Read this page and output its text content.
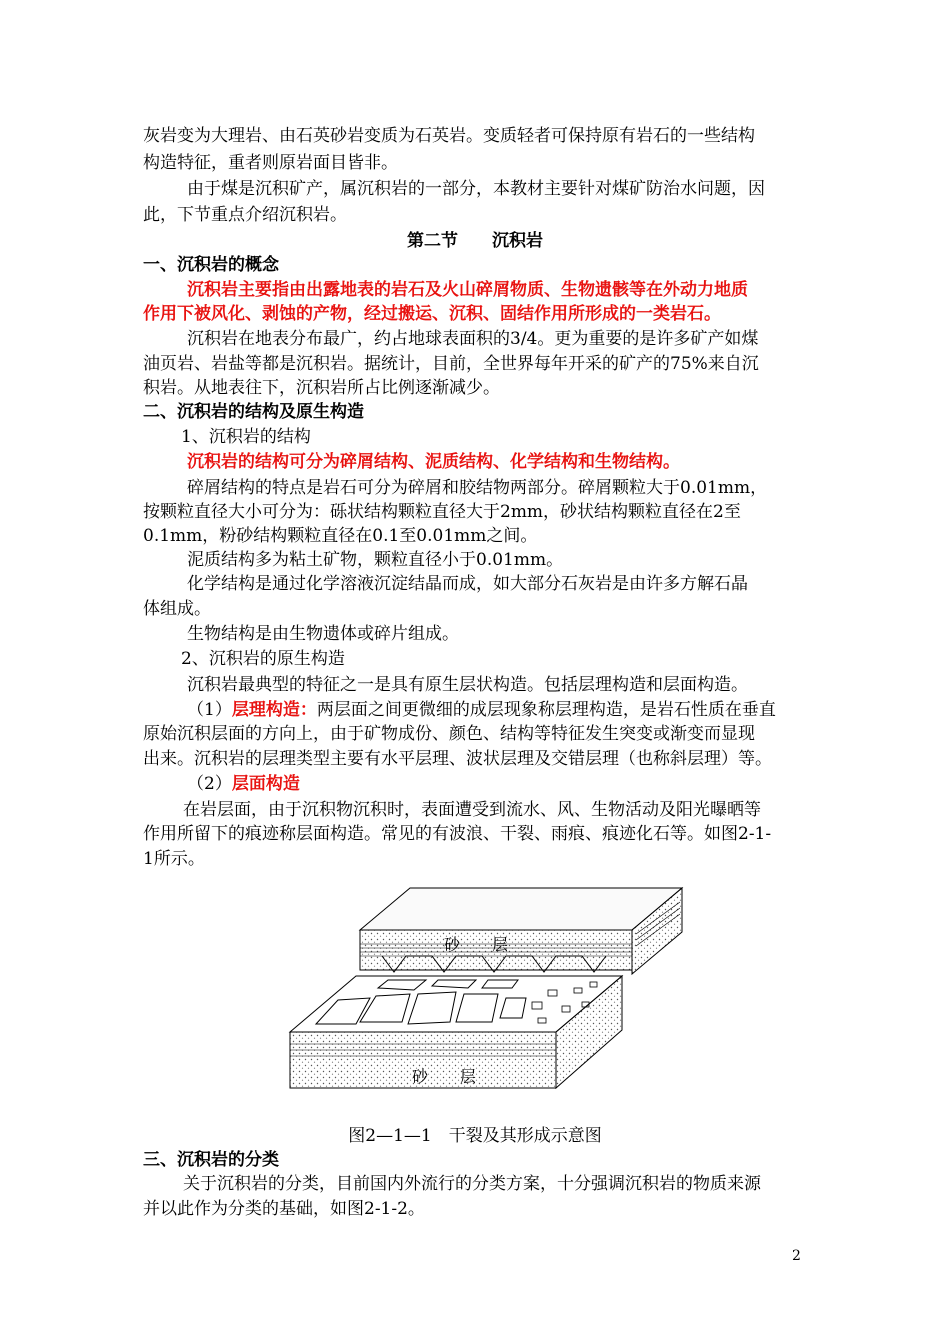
灰岩变为大理岩、由石英砂岩变质为石英岩。变质轻者可保持原有岩石的一些结构
构造特征，重者则原岩面目皆非。
由于煤是沉积矿产，属沉积岩的一部分，本教材主要针对煤矿防治水问题，因
此，下节重点介绍沉积岩。
第二节　　沉积岩
一、沉积岩的概念
沉积岩主要指由出露地表的岩石及火山碎屑物质、生物遗骸等在外动力地质
作用下被风化、剥蚀的产物，经过搬运、沉积、固结作用所形成的一类岩石。
沉积岩在地表分布最广，约占地球表面积的3/4。更为重要的是许多矿产如煤
油页岩、岩盐等都是沉积岩。据统计，目前，全世界每年开采的矿产的75%来自沉
积岩。从地表往下，沉积岩所占比例逐渐减少。
二、沉积岩的结构及原生构造
1、沉积岩的结构
沉积岩的结构可分为碎屑结构、泥质结构、化学结构和生物结构。
碎屑结构的特点是岩石可分为碎屑和胶结物两部分。碎屑颗粒大于0.01mm，
按颗粒直径大小可分为：砾状结构颗粒直径大于2mm，砂状结构颗粒直径在2至
0.1mm，粉砂结构颗粒直径在0.1至0.01mm之间。
泥质结构多为粘土矿物，颗粒直径小于0.01mm。
化学结构是通过化学溶液沉淀结晶而成，如大部分石灰岩是由许多方解石晶
体组成。
生物结构是由生物遗体或碎片组成。
2、沉积岩的原生构造
沉积岩最典型的特征之一是具有原生层状构造。包括层理构造和层面构造。
（1）层理构造：两层面之间更微细的成层现象称层理构造，是岩石性质在垂直
原始沉积层面的方向上，由于矿物成份、颜色、结构等特征发生突变或渐变而显现
出来。沉积岩的层理类型主要有水平层理、波状层理及交错层理（也称斜层理）等。
（2）层面构造
在岩层面，由于沉积物沉积时，表面遭受到流水、风、生物活动及阳光曝晒等
作用所留下的痕迹称层面构造。常见的有波浪、干裂、雨痕、痕迹化石等。如图2-1-
1所示。
砂　　层
砂　　层
图2—1—1　干裂及其形成示意图
三、沉积岩的分类
关于沉积岩的分类，目前国内外流行的分类方案，十分强调沉积岩的物质来源
并以此作为分类的基础，如图2-1-2。
2
